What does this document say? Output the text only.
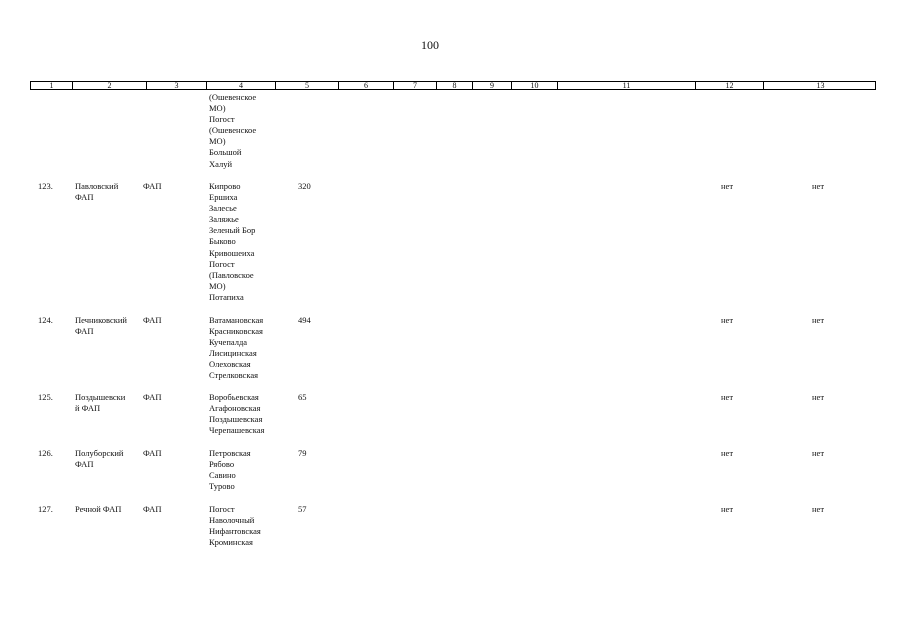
100
1	2	3	4	5	6	7	8	9	10	11	12	13
(Ошевенское
МО)
Погост
(Ошевенское
МО)
Большой
Халуй
123.	Павловский
ФАП
ФАП	Кипрово
Ершиха
Залесье
Заляжье
Зеленый Бор
Быково
Кривошеиха
Погост
(Павловское
МО)
Потапиха
320	нет	нет
124.	Печниковский
ФАП
ФАП	Ватамановская
Красниковская
Кучепалда
Лисицинская
Олеховская
Стрелковская
494	нет	нет
125.	Поздышевски
й ФАП
ФАП	Воробьевская
Агафоновская
Поздышевская
Черепашевская
65	нет	нет
126.	Полуборский
ФАП
ФАП	Петровская
Рябово
Савино
Турово
79	нет	нет
127.	Речной ФАП	ФАП	Погост
Наволочный
Нифантовская
Кроминская
57	нет	нет
